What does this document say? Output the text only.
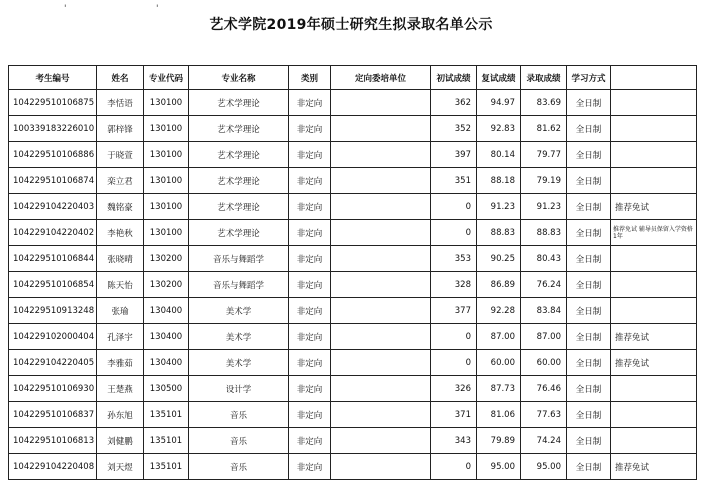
'	'
艺术学院2019年硕士研究生拟录取名单公示
考生编号	姓名	专业代码	专业名称	类别	定向委培单位	初试成绩	复试成绩	录取成绩	学习方式	
104229510106875	李恬语	130100	艺术学理论	非定向		362	94.97	83.69	全日制	
100339183226010	郭梓锋	130100	艺术学理论	非定向		352	92.83	81.62	全日制	
104229510106886	于晓萱	130100	艺术学理论	非定向		397	80.14	79.77	全日制	
104229510106874	栾立君	130100	艺术学理论	非定向		351	88.18	79.19	全日制	
104229104220403	魏铭豪	130100	艺术学理论	非定向		0	91.23	91.23	全日制	推荐免试
104229104220402	李艳秋	130100	艺术学理论	非定向		0	88.83	88.83	全日制	推荐免试 辅导员保留入学资格1年
104229510106844	张晓晴	130200	音乐与舞蹈学	非定向		353	90.25	80.43	全日制	
104229510106854	陈天怡	130200	音乐与舞蹈学	非定向		328	86.89	76.24	全日制	
104229510913248	张瑜	130400	美术学	非定向		377	92.28	83.84	全日制	
104229102000404	孔泽宇	130400	美术学	非定向		0	87.00	87.00	全日制	推荐免试
104229104220405	李雅茹	130400	美术学	非定向		0	60.00	60.00	全日制	推荐免试
104229510106930	王楚燕	130500	设计学	非定向		326	87.73	76.46	全日制	
104229510106837	孙东旭	135101	音乐	非定向		371	81.06	77.63	全日制	
104229510106813	刘健鹏	135101	音乐	非定向		343	79.89	74.24	全日制	
104229104220408	刘天煜	135101	音乐	非定向		0	95.00	95.00	全日制	推荐免试
